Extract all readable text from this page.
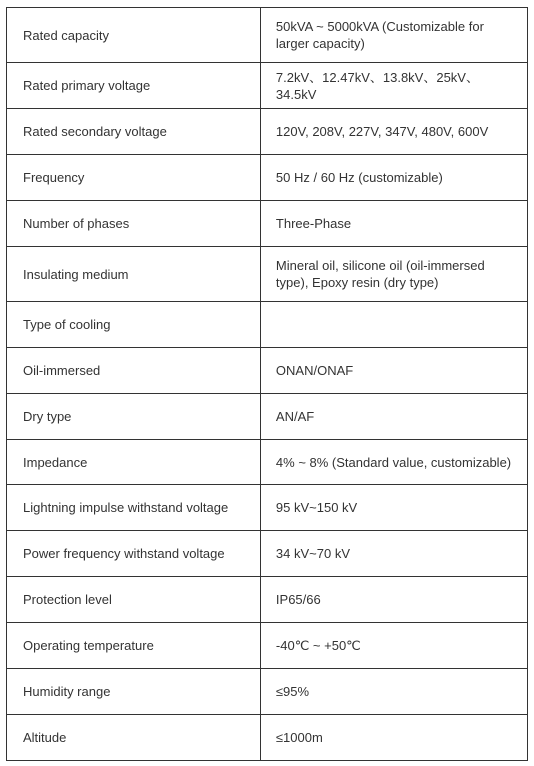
Rated capacity	50kVA ~ 5000kVA (Customizable for larger capacity)
Rated primary voltage	7.2kV、12.47kV、13.8kV、25kV、34.5kV
Rated secondary voltage	120V, 208V, 227V, 347V, 480V, 600V
Frequency	50 Hz / 60 Hz (customizable)
Number of phases	Three-Phase
Insulating medium	Mineral oil, silicone oil (oil-immersed type), Epoxy resin (dry type)
Type of cooling	
Oil-immersed	ONAN/ONAF
Dry type	AN/AF
Impedance	4% ~ 8% (Standard value, customizable)
Lightning impulse withstand voltage	95 kV~150 kV
Power frequency withstand voltage	34 kV~70 kV
Protection level	IP65/66
Operating temperature	-40℃ ~ +50℃
Humidity range	≤95%
Altitude	≤1000m
